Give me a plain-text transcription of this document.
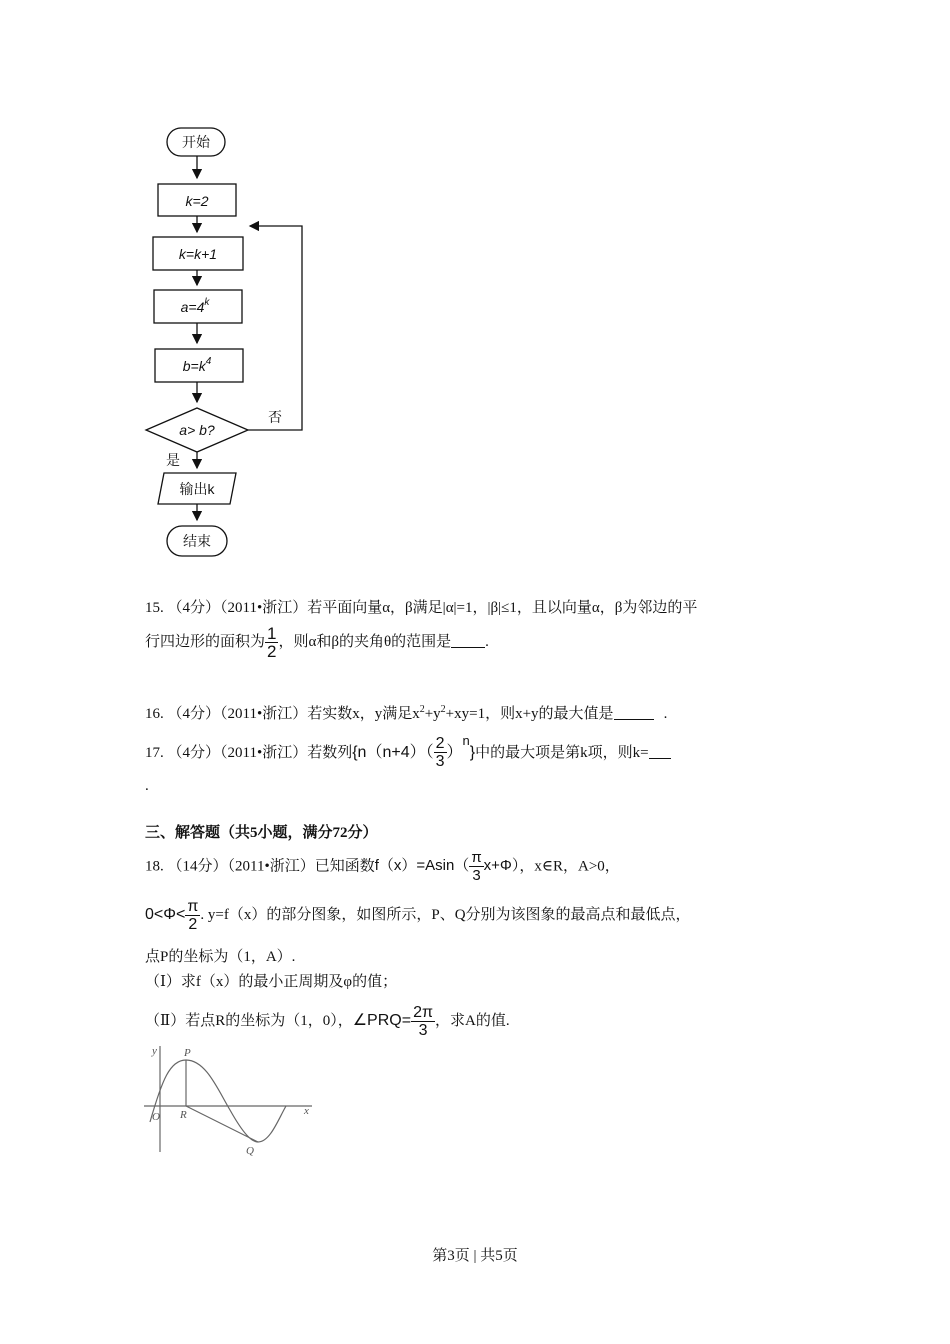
开始
k=2
k=k+1
$a=4^k$
$b=k^4$
a> b?
否
是
输出k
结束
15. （4分）（2011•浙江）若平面向量α，β满足|α|=1，|β|≤1，且以向量α，β为邻边的平
行四边形的面积为 $\frac{1}{2}$ ，则α和β的夹角θ的范围是 .
16. （4分）（2011•浙江）若实数x，y满足$x^2+y^2+xy=1$，则x+y的最大值是	.
17. （4分）（2011•浙江）若数列$\{n(n+4)( \frac{2}{3} )^n\}$中的最大项是第k项，则k=
.
三、解答题（共5小题，满分72分）
18. （14分）（2011•浙江）已知函数$f(x)=Asin( \frac{\pi}{3} x+\Phi)$，x∈R，A>0，
$0<\Phi< \frac{\pi}{2}$ . y=f（x）的部分图象，如图所示，P、Q分别为该图象的最高点和最低点，
点P的坐标为（1，A）.
（Ⅰ）求f（x）的最小正周期及φ的值；
（Ⅱ）若点R的坐标为（1，0），∠PRQ= $\frac{2\pi}{3}$ ，求A的值.
y
x
O
P
R
Q
第3页 | 共5页
